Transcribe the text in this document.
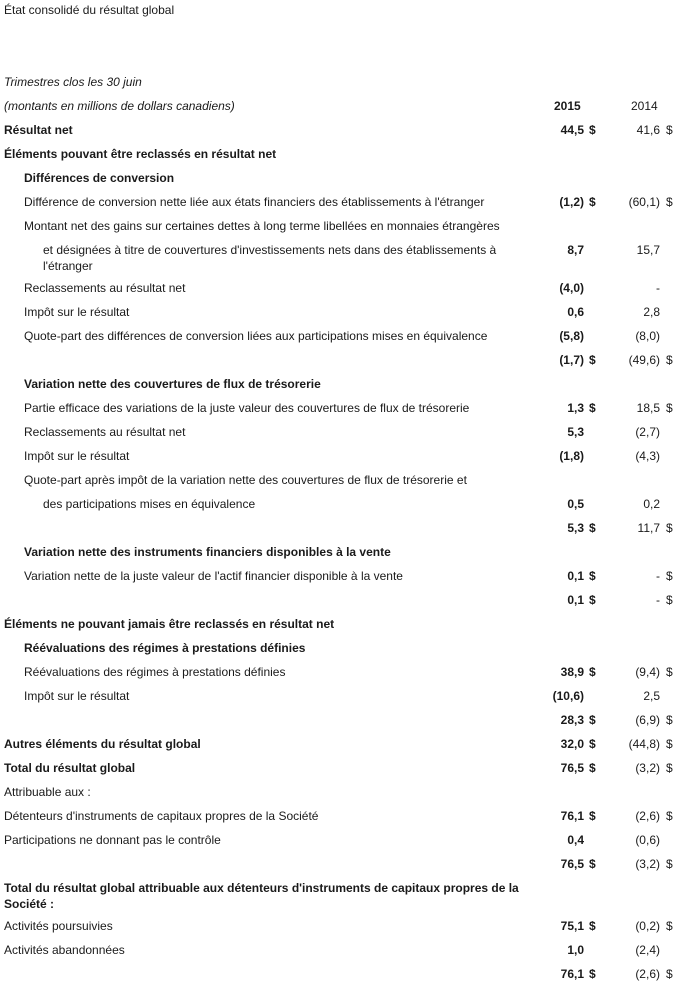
État consolidé du résultat global
Trimestres clos les 30 juin
(montants en millions de dollars canadiens)	2015	2014
Résultat net	44,5 $	41,6 $
Éléments pouvant être reclassés en résultat net
Différences de conversion
Différence de conversion nette liée aux états financiers des établissements à l'étranger	(1,2) $	(60,1) $
Montant net des gains sur certaines dettes à long terme libellées en monnaies étrangères
et désignées à titre de couvertures d'investissements nets dans des établissements à l'étranger
8,7	15,7
Reclassements au résultat net	(4,0)	-
Impôt sur le résultat	0,6	2,8
Quote-part des différences de conversion liées aux participations mises en équivalence	(5,8)	(8,0)
(1,7) $	(49,6) $
Variation nette des couvertures de flux de trésorerie
Partie efficace des variations de la juste valeur des couvertures de flux de trésorerie	1,3 $	18,5 $
Reclassements au résultat net	5,3	(2,7)
Impôt sur le résultat	(1,8)	(4,3)
Quote-part après impôt de la variation nette des couvertures de flux de trésorerie et
des participations mises en équivalence	0,5	0,2
5,3 $	11,7 $
Variation nette des instruments financiers disponibles à la vente
Variation nette de la juste valeur de l'actif financier disponible à la vente	0,1 $	- $
0,1 $	- $
Éléments ne pouvant jamais être reclassés en résultat net
Réévaluations des régimes à prestations définies
Réévaluations des régimes à prestations définies	38,9 $	(9,4) $
Impôt sur le résultat	(10,6)	2,5
28,3 $	(6,9) $
Autres éléments du résultat global	32,0 $	(44,8) $
Total du résultat global	76,5 $	(3,2) $
Attribuable aux :
Détenteurs d'instruments de capitaux propres de la Société	76,1 $	(2,6) $
Participations ne donnant pas le contrôle	0,4	(0,6)
76,5 $	(3,2) $
Total du résultat global attribuable aux détenteurs d'instruments de capitaux propres de la Société :
Activités poursuivies	75,1 $	(0,2) $
Activités abandonnées	1,0	(2,4)
76,1 $	(2,6) $
